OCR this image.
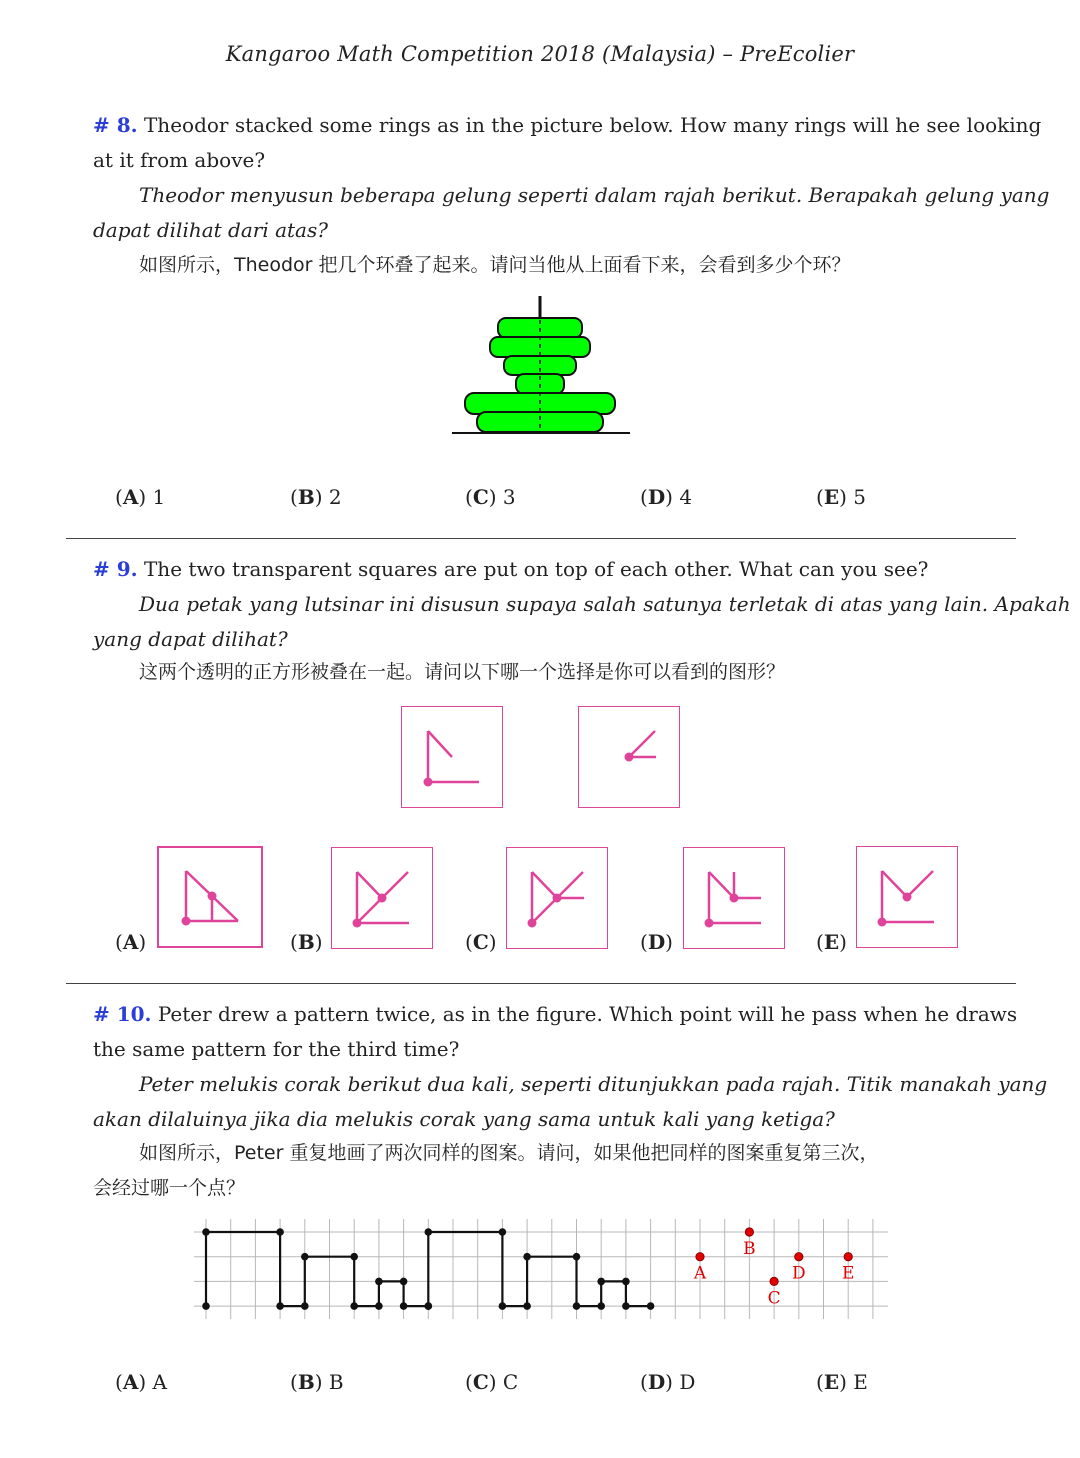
Kangaroo Math Competition 2018 (Malaysia) – PreEcolier
# 8. Theodor stacked some rings as in the picture below. How many rings will he see looking
at it from above?
Theodor menyusun beberapa gelung seperti dalam rajah berikut. Berapakah gelung yang
dapat dilihat dari atas?
如图所示，Theodor 把几个环叠了起来。请问当他从上面看下来，会看到多少个环？
(A) 1	(B) 2	(C) 3	(D) 4	(E) 5
# 9. The two transparent squares are put on top of each other. What can you see?
Dua petak yang lutsinar ini disusun supaya salah satunya terletak di atas yang lain. Apakah
yang dapat dilihat?
这两个透明的正方形被叠在一起。请问以下哪一个选择是你可以看到的图形？
(A)	(B)	(C)	(D)	(E)
# 10. Peter drew a pattern twice, as in the figure. Which point will he pass when he draws
the same pattern for the third time?
Peter melukis corak berikut dua kali, seperti ditunjukkan pada rajah. Titik manakah yang
akan dilaluinya jika dia melukis corak yang sama untuk kali yang ketiga?
如图所示，Peter 重复地画了两次同样的图案。请问，如果他把同样的图案重复第三次，
会经过哪一个点？
A
B
C
D E
(A) A	(B) B	(C) C	(D) D	(E) E
